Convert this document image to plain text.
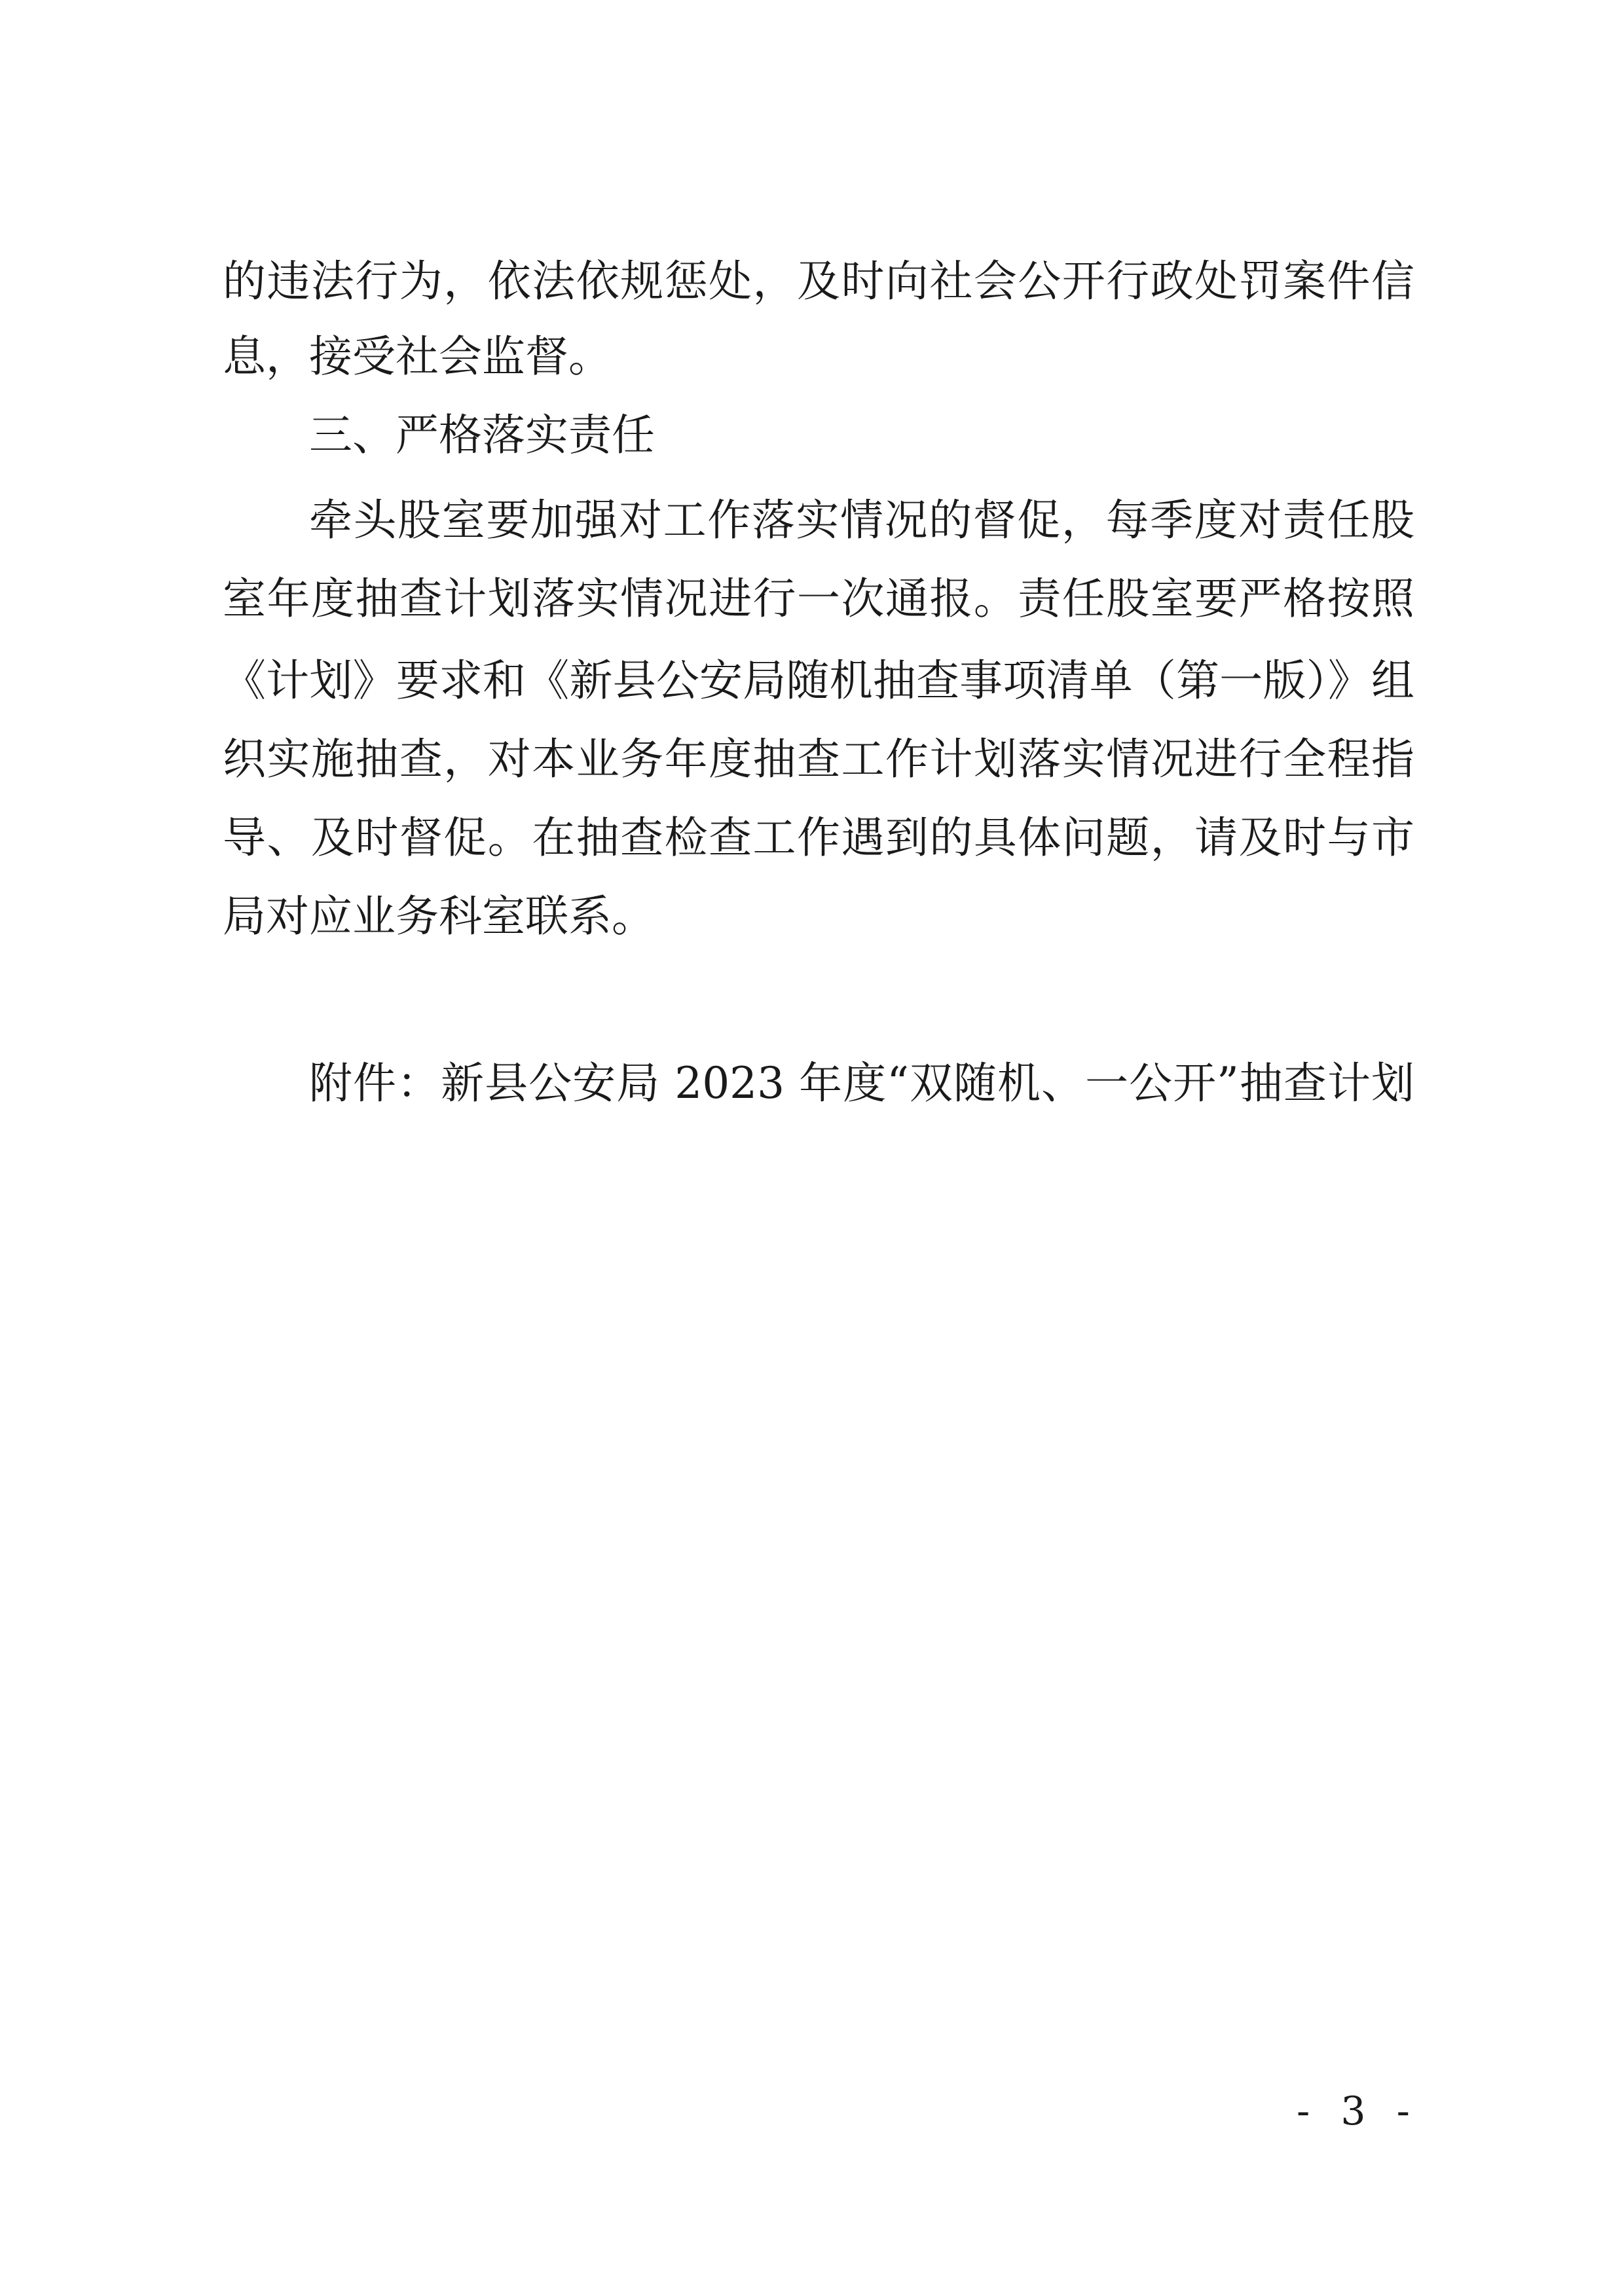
的违法行为，依法依规惩处，及时向社会公开行政处罚案件信
息，接受社会监督。
三、严格落实责任
牵头股室要加强对工作落实情况的督促，每季度对责任股
室年度抽查计划落实情况进行一次通报。责任股室要严格按照
《计划》要求和《新县公安局随机抽查事项清单（第一版）》组
织实施抽查，对本业务年度抽查工作计划落实情况进行全程指
导、及时督促。在抽查检查工作遇到的具体问题，请及时与市
局对应业务科室联系。
附件：新县公安局 2023 年度“双随机、一公开”抽查计划
- 3 -
